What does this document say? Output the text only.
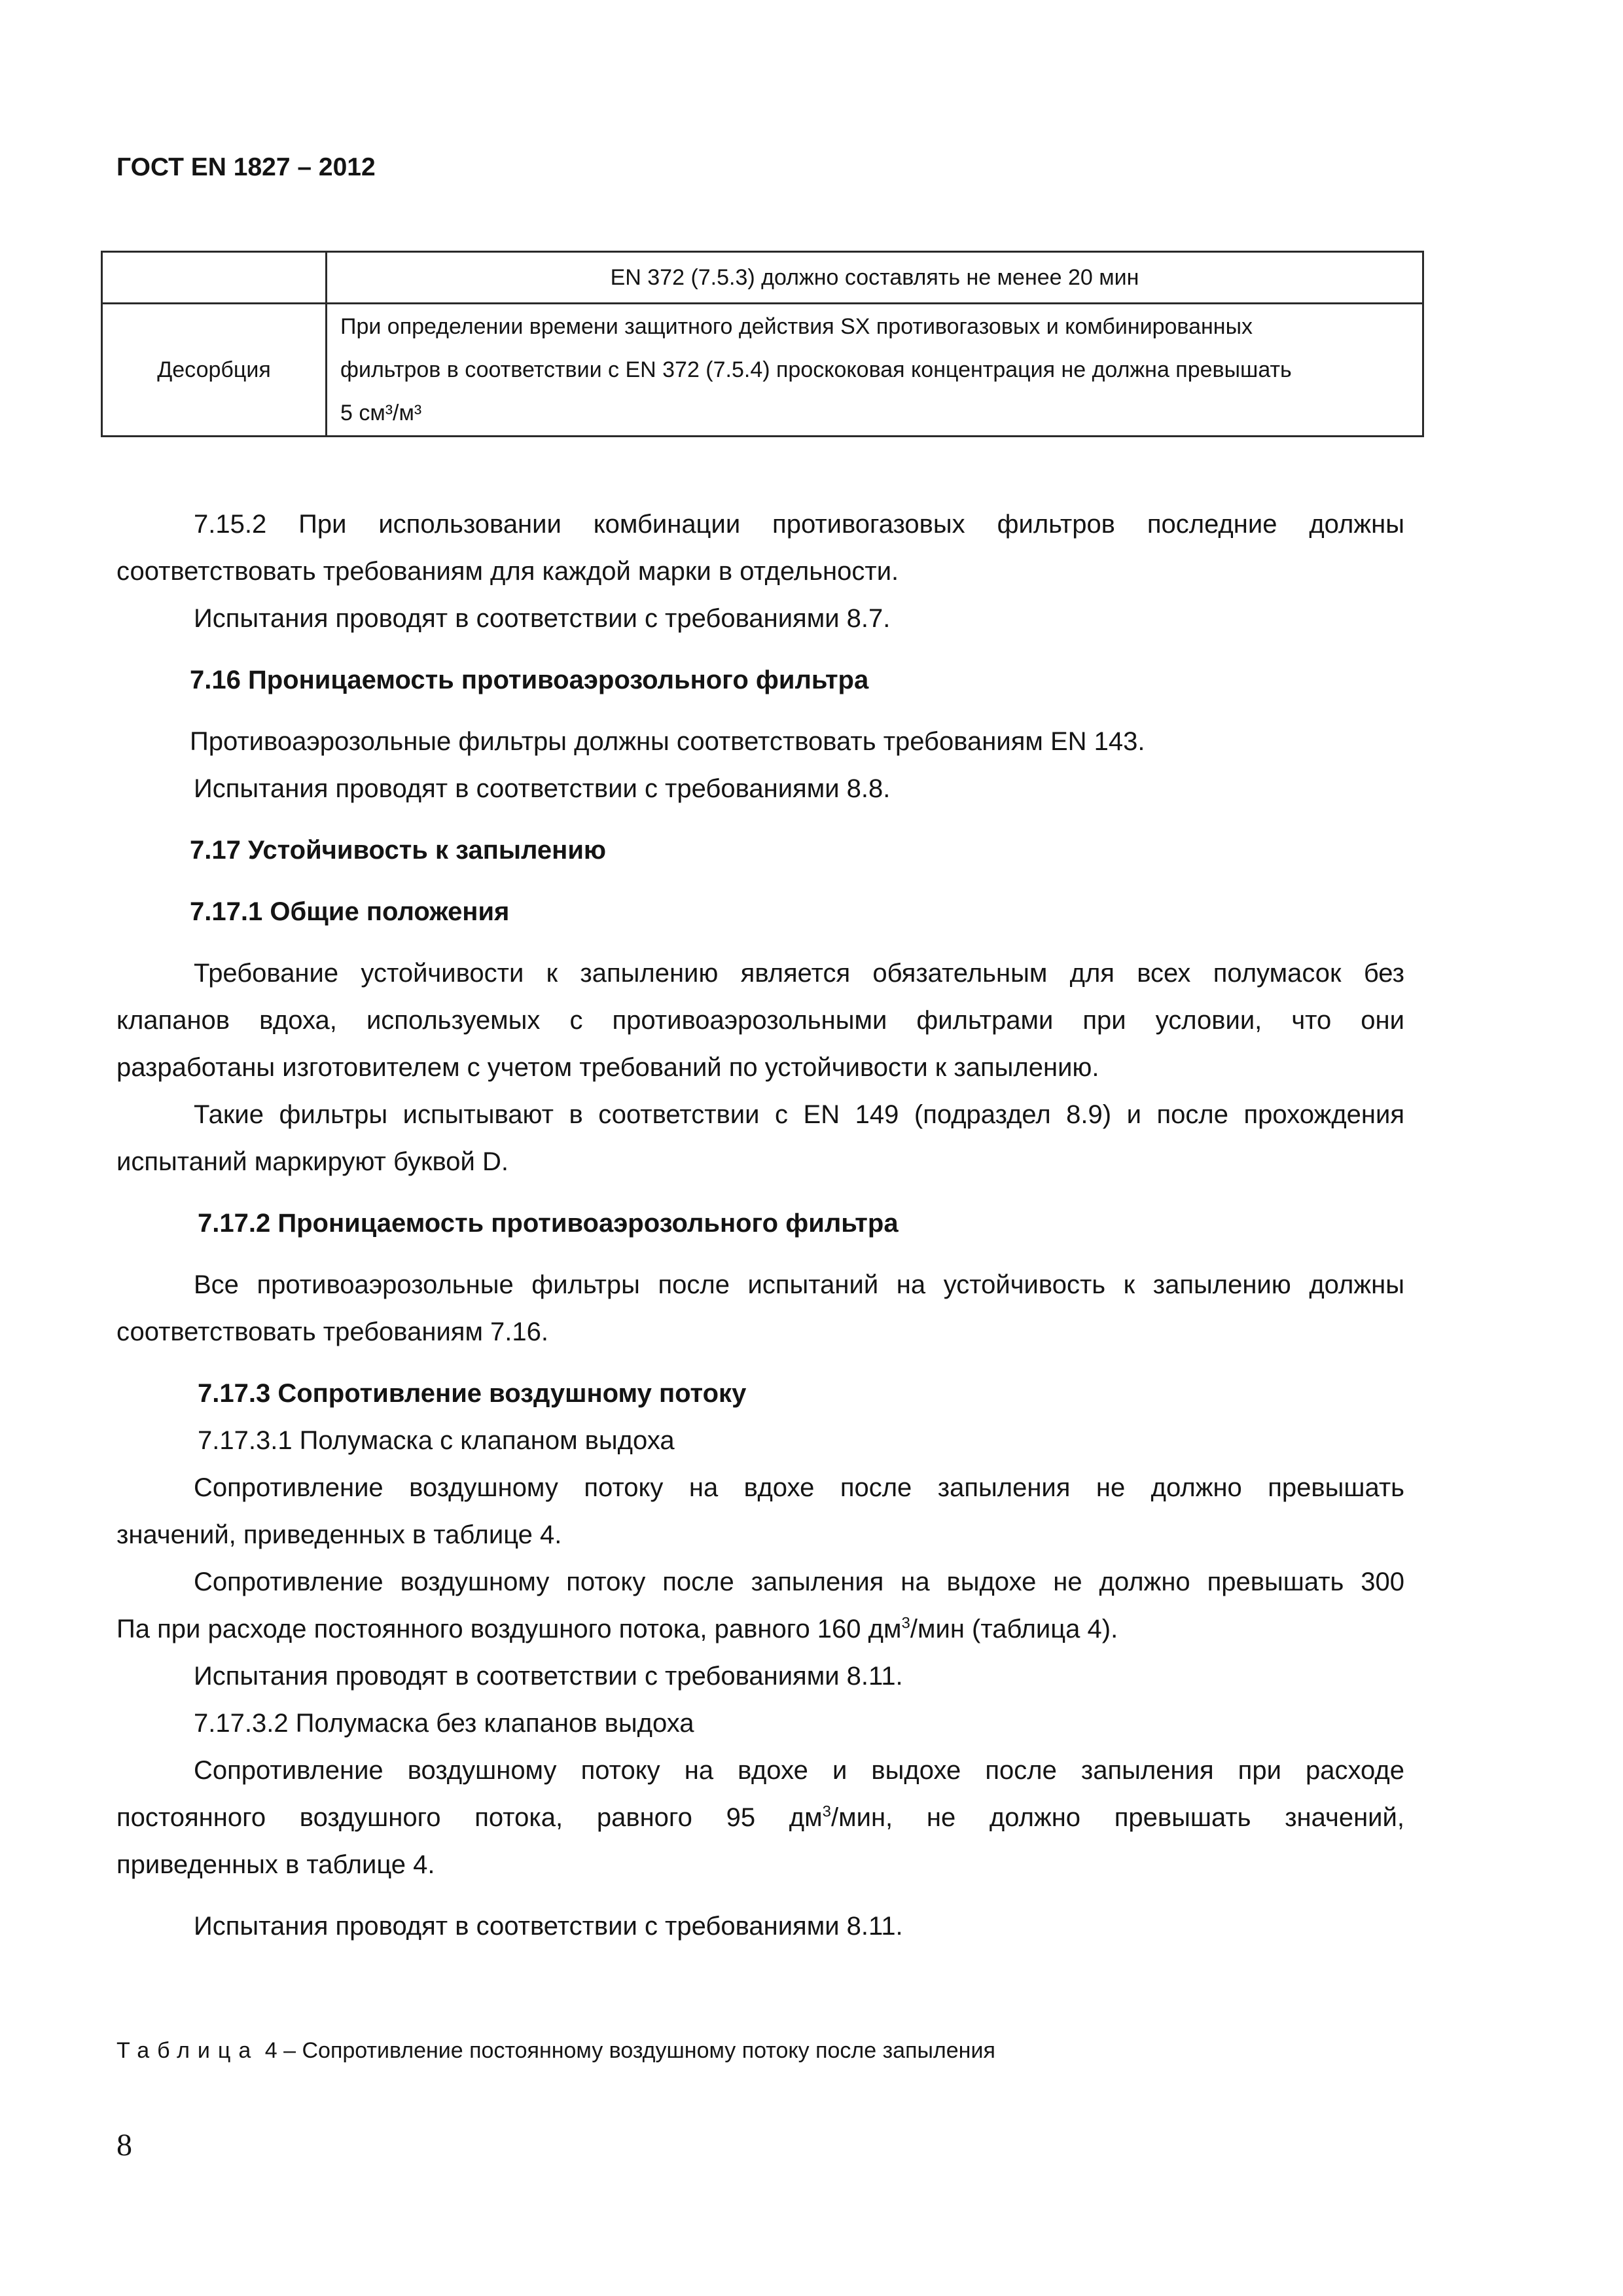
ГОСТ EN 1827 – 2012
	EN 372 (7.5.3) должно составлять не менее 20 мин
Десорбция	При определении времени защитного действия SX противогазовых и комбинированных
фильтров в соответствии с EN 372 (7.5.4) проскоковая концентрация не должна превышать
5 см³/м³
7.15.2 При использовании комбинации противогазовых фильтров последние должны
соответствовать требованиям для каждой марки в отдельности.
Испытания проводят в соответствии с требованиями 8.7.
7.16 Проницаемость противоаэрозольного фильтра
Противоаэрозольные фильтры должны соответствовать требованиям EN 143.
Испытания проводят в соответствии с требованиями 8.8.
7.17 Устойчивость к запылению
7.17.1 Общие положения
Требование устойчивости к запылению является обязательным для всех полумасок без
клапанов вдоха, используемых с противоаэрозольными фильтрами при условии, что они
разработаны изготовителем с учетом требований по устойчивости к запылению.
Такие фильтры испытывают в соответствии с EN 149 (подраздел 8.9) и после прохождения
испытаний маркируют буквой D.
7.17.2 Проницаемость противоаэрозольного фильтра
Все противоаэрозольные фильтры после испытаний на устойчивость к запылению должны
соответствовать требованиям 7.16.
7.17.3 Сопротивление воздушному потоку
7.17.3.1 Полумаска с клапаном выдоха
Сопротивление воздушному потоку на вдохе после запыления не должно превышать
значений, приведенных в таблице 4.
Сопротивление воздушному потоку после запыления на выдохе не должно превышать 300
Па при расходе постоянного воздушного потока, равного 160 $дм^3$/мин (таблица 4).
Испытания проводят в соответствии с требованиями 8.11.
7.17.3.2 Полумаска без клапанов выдоха
Сопротивление воздушному потоку на вдохе и выдохе после запыления при расходе
постоянного воздушного потока, равного 95 $дм^3$/мин, не должно превышать значений,
приведенных в таблице 4.
Испытания проводят в соответствии с требованиями 8.11.
Таблица 4 – Сопротивление постоянному воздушному потоку после запыления
8
